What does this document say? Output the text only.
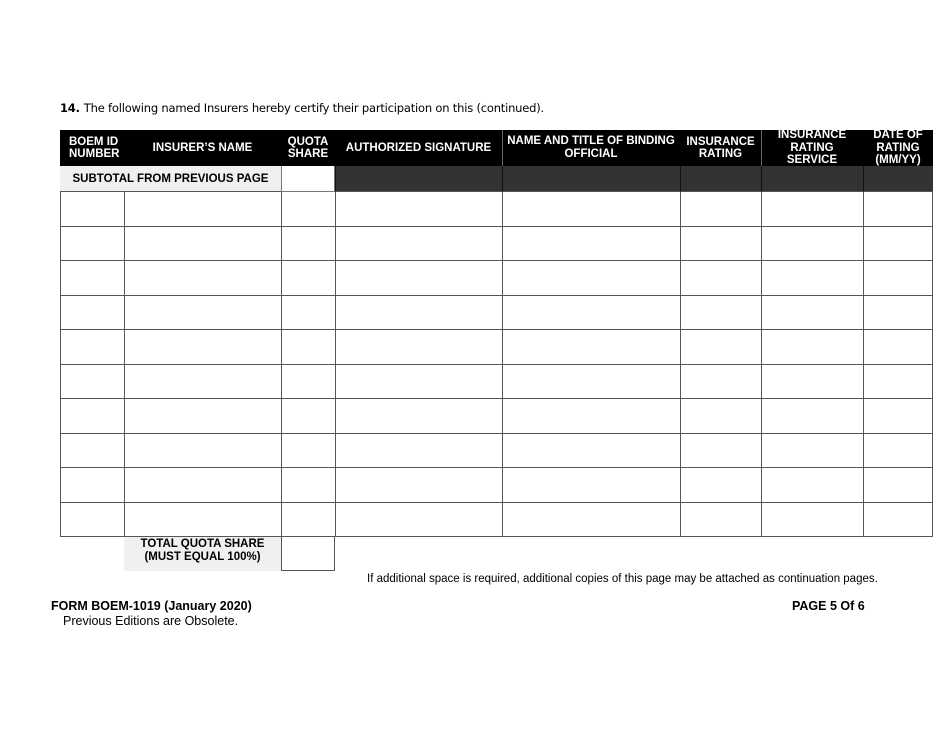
14. The following named Insurers hereby certify their participation on this (continued).
BOEM ID
NUMBER
INSURER’S NAME
QUOTA
SHARE
AUTHORIZED SIGNATURE
NAME AND TITLE OF BINDING
OFFICIAL
INSURANCE
RATING
INSURANCE
RATING
SERVICE
DATE OF
RATING
(MM/YY)
SUBTOTAL FROM PREVIOUS PAGE
TOTAL QUOTA SHARE
(MUST EQUAL 100%)
If additional space is required, additional copies of this page may be attached as continuation pages.
FORM BOEM-1019 (January 2020)
Previous Editions are Obsolete.
PAGE 5 Of 6
